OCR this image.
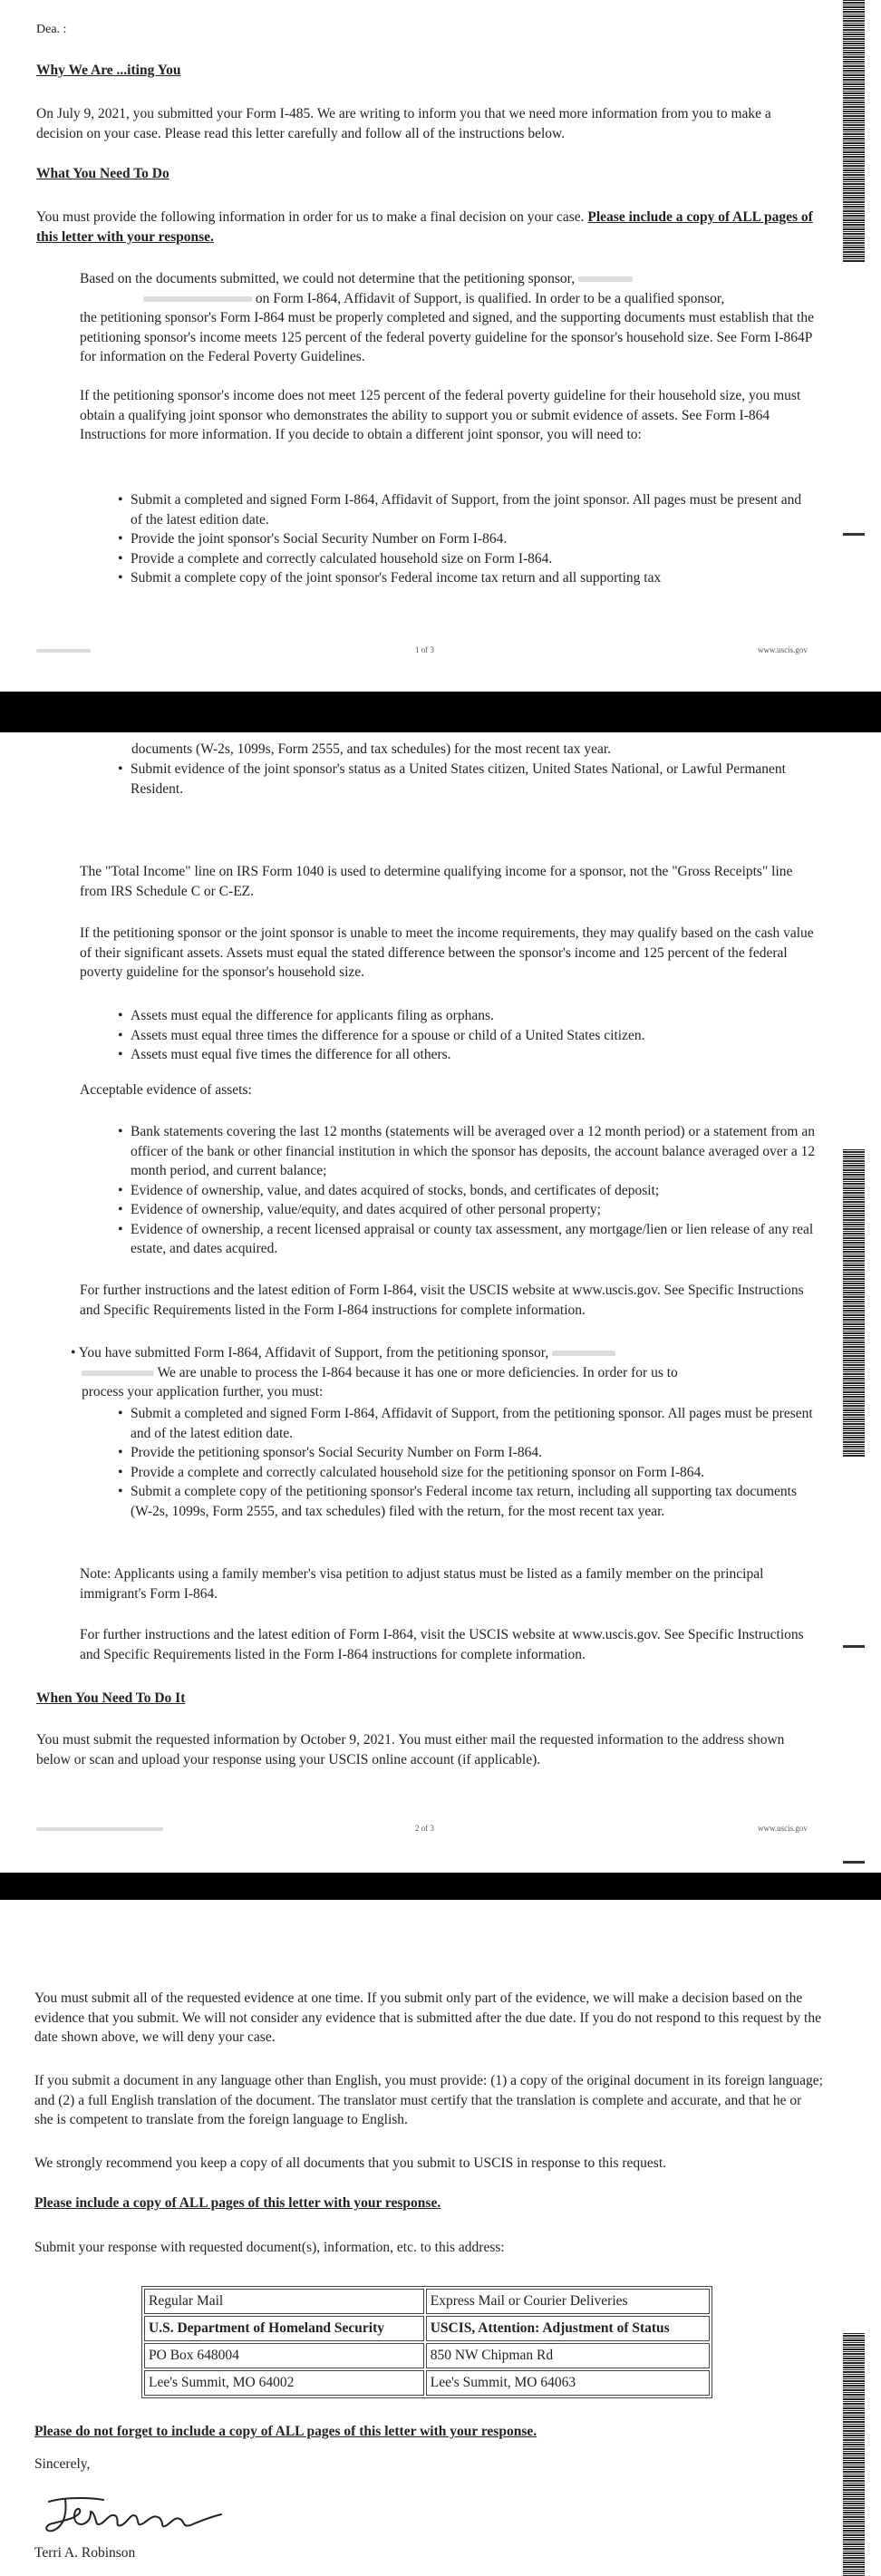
Dea. :
Why We Are ...iting You
On July 9, 2021, you submitted your Form I-485. We are writing to inform you that we need more information from you to make a decision on your case. Please read this letter carefully and follow all of the instructions below.
What You Need To Do
You must provide the following information in order for us to make a final decision on your case. Please include a copy of ALL pages of this letter with your response.
Based on the documents submitted, we could not determine that the petitioning sponsor,
on Form I-864, Affidavit of Support, is qualified. In order to be a qualified sponsor,
the petitioning sponsor's Form I-864 must be properly completed and signed, and the supporting documents must establish that the petitioning sponsor's income meets 125 percent of the federal poverty guideline for the sponsor's household size. See Form I-864P for information on the Federal Poverty Guidelines.
If the petitioning sponsor's income does not meet 125 percent of the federal poverty guideline for their household size, you must obtain a qualifying joint sponsor who demonstrates the ability to support you or submit evidence of assets. See Form I-864 Instructions for more information. If you decide to obtain a different joint sponsor, you will need to:
• Submit a completed and signed Form I-864, Affidavit of Support, from the joint sponsor. All pages must be present and of the latest edition date.
• Provide the joint sponsor's Social Security Number on Form I-864.
• Provide a complete and correctly calculated household size on Form I-864.
• Submit a complete copy of the joint sponsor's Federal income tax return and all supporting tax
1 of 3	www.uscis.gov
documents (W-2s, 1099s, Form 2555, and tax schedules) for the most recent tax year.
• Submit evidence of the joint sponsor's status as a United States citizen, United States National, or Lawful Permanent Resident.
The "Total Income" line on IRS Form 1040 is used to determine qualifying income for a sponsor, not the "Gross Receipts" line from IRS Schedule C or C-EZ.
If the petitioning sponsor or the joint sponsor is unable to meet the income requirements, they may qualify based on the cash value of their significant assets. Assets must equal the stated difference between the sponsor's income and 125 percent of the federal poverty guideline for the sponsor's household size.
• Assets must equal the difference for applicants filing as orphans.
• Assets must equal three times the difference for a spouse or child of a United States citizen.
• Assets must equal five times the difference for all others.
Acceptable evidence of assets:
• Bank statements covering the last 12 months (statements will be averaged over a 12 month period) or a statement from an officer of the bank or other financial institution in which the sponsor has deposits, the account balance averaged over a 12 month period, and current balance;
• Evidence of ownership, value, and dates acquired of stocks, bonds, and certificates of deposit;
• Evidence of ownership, value/equity, and dates acquired of other personal property;
• Evidence of ownership, a recent licensed appraisal or county tax assessment, any mortgage/lien or lien release of any real estate, and dates acquired.
For further instructions and the latest edition of Form I-864, visit the USCIS website at www.uscis.gov. See Specific Instructions and Specific Requirements listed in the Form I-864 instructions for complete information.
• You have submitted Form I-864, Affidavit of Support, from the petitioning sponsor,
We are unable to process the I-864 because it has one or more deficiencies. In order for us to
process your application further, you must:
• Submit a completed and signed Form I-864, Affidavit of Support, from the petitioning sponsor. All pages must be present and of the latest edition date.
• Provide the petitioning sponsor's Social Security Number on Form I-864.
• Provide a complete and correctly calculated household size for the petitioning sponsor on Form I-864.
• Submit a complete copy of the petitioning sponsor's Federal income tax return, including all supporting tax documents (W-2s, 1099s, Form 2555, and tax schedules) filed with the return, for the most recent tax year.
Note: Applicants using a family member's visa petition to adjust status must be listed as a family member on the principal immigrant's Form I-864.
For further instructions and the latest edition of Form I-864, visit the USCIS website at www.uscis.gov. See Specific Instructions and Specific Requirements listed in the Form I-864 instructions for complete information.
When You Need To Do It
You must submit the requested information by October 9, 2021. You must either mail the requested information to the address shown below or scan and upload your response using your USCIS online account (if applicable).
2 of 3	www.uscis.gov
You must submit all of the requested evidence at one time. If you submit only part of the evidence, we will make a decision based on the evidence that you submit. We will not consider any evidence that is submitted after the due date. If you do not respond to this request by the date shown above, we will deny your case.
If you submit a document in any language other than English, you must provide: (1) a copy of the original document in its foreign language; and (2) a full English translation of the document. The translator must certify that the translation is complete and accurate, and that he or she is competent to translate from the foreign language to English.
We strongly recommend you keep a copy of all documents that you submit to USCIS in response to this request.
Please include a copy of ALL pages of this letter with your response.
Submit your response with requested document(s), information, etc. to this address:
Regular Mail	Express Mail or Courier Deliveries
U.S. Department of Homeland Security	USCIS, Attention: Adjustment of Status
PO Box 648004	850 NW Chipman Rd
Lee's Summit, MO 64002	Lee's Summit, MO 64063
Please do not forget to include a copy of ALL pages of this letter with your response.
Sincerely,
Terri A. Robinson
